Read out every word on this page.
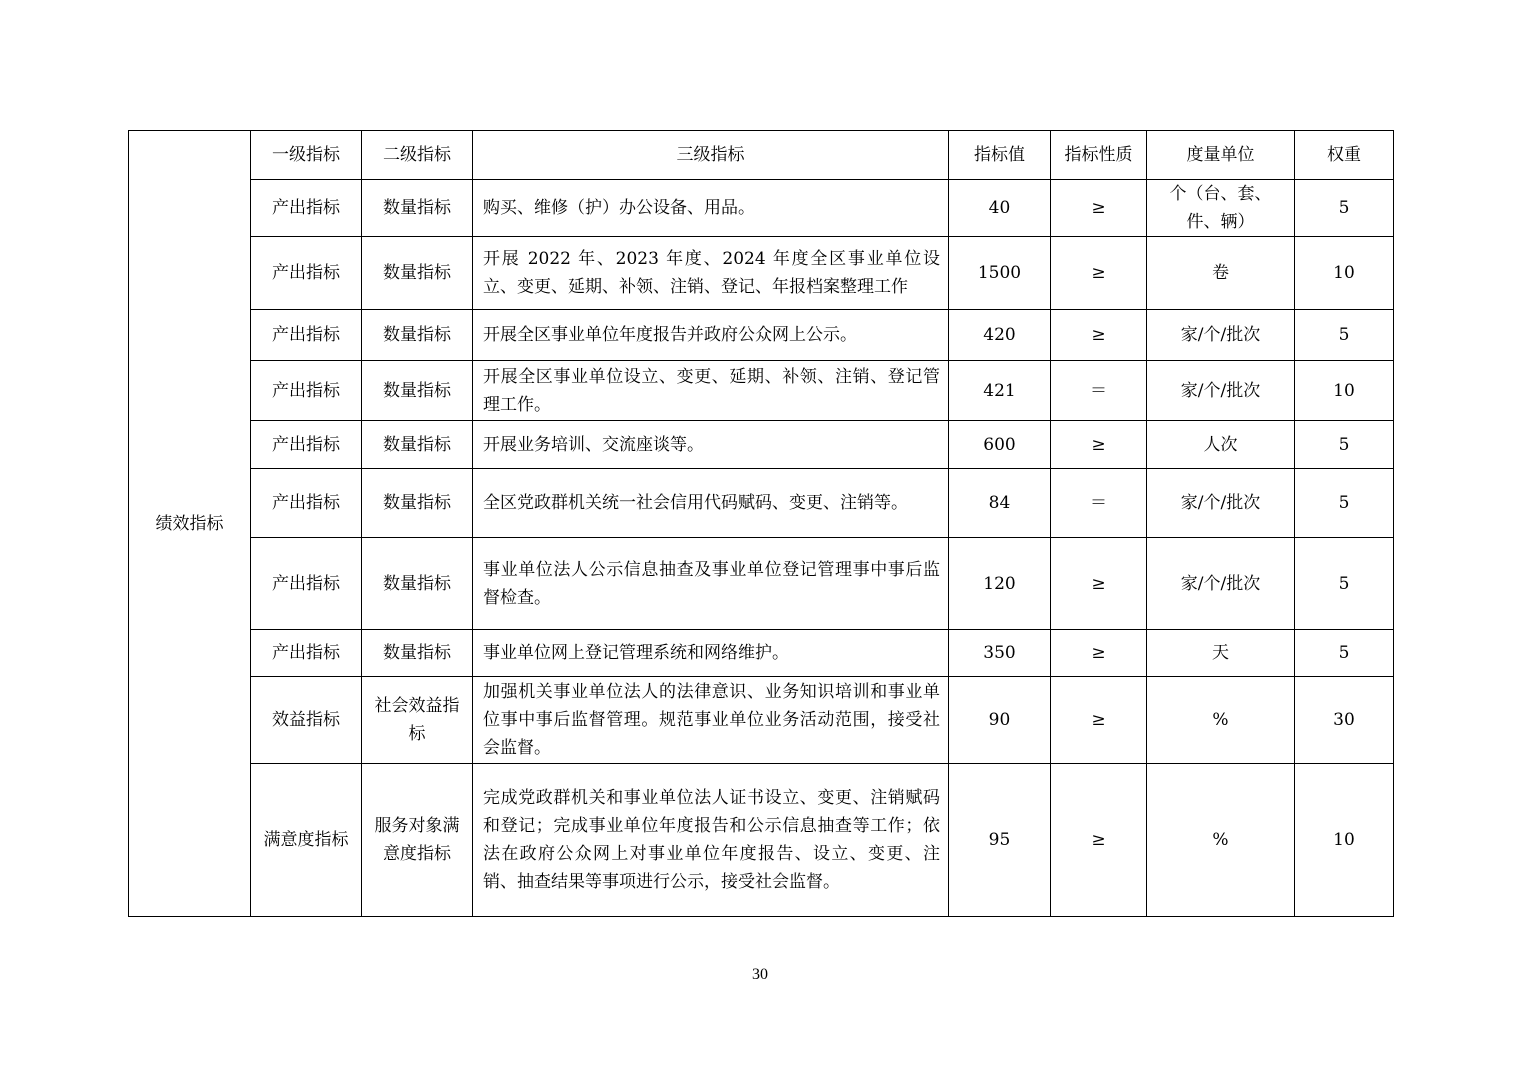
绩效指标	一级指标	二级指标	三级指标	指标值	指标性质	度量单位	权重
	产出指标	数量指标	购买、维修（护）办公设备、用品。	40	≥	个（台、套、件、辆）	5
	产出指标	数量指标	开展 2022 年、2023 年度、2024 年度全区事业单位设立、变更、延期、补领、注销、登记、年报档案整理工作	1500	≥	卷	10
	产出指标	数量指标	开展全区事业单位年度报告并政府公众网上公示。	420	≥	家/个/批次	5
	产出指标	数量指标	开展全区事业单位设立、变更、延期、补领、注销、登记管理工作。	421	＝	家/个/批次	10
	产出指标	数量指标	开展业务培训、交流座谈等。	600	≥	人次	5
	产出指标	数量指标	全区党政群机关统一社会信用代码赋码、变更、注销等。	84	＝	家/个/批次	5
	产出指标	数量指标	事业单位法人公示信息抽查及事业单位登记管理事中事后监督检查。	120	≥	家/个/批次	5
	产出指标	数量指标	事业单位网上登记管理系统和网络维护。	350	≥	天	5
	效益指标	社会效益指标	加强机关事业单位法人的法律意识、业务知识培训和事业单位事中事后监督管理。规范事业单位业务活动范围，接受社会监督。	90	≥	%	30
	满意度指标	服务对象满意度指标	完成党政群机关和事业单位法人证书设立、变更、注销赋码和登记；完成事业单位年度报告和公示信息抽查等工作；依法在政府公众网上对事业单位年度报告、设立、变更、注销、抽查结果等事项进行公示，接受社会监督。	95	≥	%	10
30
